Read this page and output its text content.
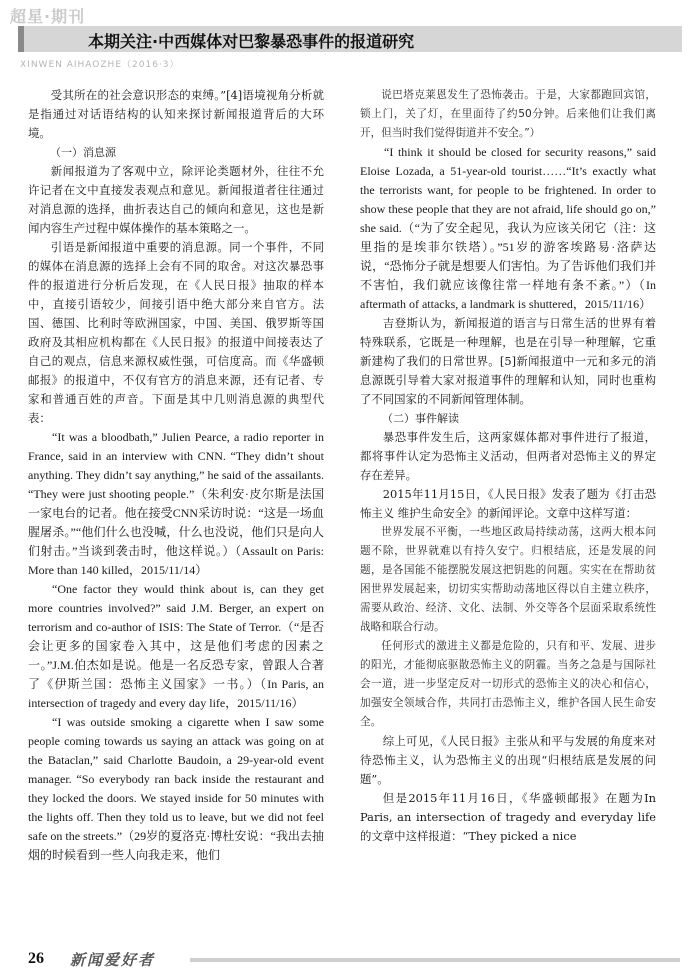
超星·期刊
本期关注·中西媒体对巴黎暴恐事件的报道研究
XINWEN AIHAOZHE（2016·3）

受其所在的社会意识形态的束缚。”[4]语境视角分析就是指通过对话语结构的认知来探讨新闻报道背后的大环境。

（一）消息源

新闻报道为了客观中立，除评论类题材外，往往不允许记者在文中直接发表观点和意见。新闻报道者往往通过对消息源的选择，曲折表达自己的倾向和意见，这也是新闻内容生产过程中媒体操作的基本策略之一。

引语是新闻报道中重要的消息源。同一个事件，不同的媒体在消息源的选择上会有不同的取舍。对这次暴恐事件的报道进行分析后发现，在《人民日报》抽取的样本中，直接引语较少，间接引语中绝大部分来自官方。法国、德国、比利时等欧洲国家，中国、美国、俄罗斯等国政府及其相应机构都在《人民日报》的报道中间接表达了自己的观点，信息来源权威性强，可信度高。而《华盛顿邮报》的报道中，不仅有官方的消息来源，还有记者、专家和普通百姓的声音。下面是其中几则消息源的典型代表：

“It was a bloodbath,” Julien Pearce, a radio reporter in France, said in an interview with CNN. “They didn’t shout anything. They didn’t say anything,” he said of the assailants. “They were just shooting people.”（朱利安·皮尔斯是法国一家电台的记者。他在接受CNN采访时说：“这是一场血腥屠杀。”“他们什么也没喊，什么也没说，他们只是向人们射击。”当谈到袭击时，他这样说。）（Assault on Paris: More than 140 killed，2015/11/14）

“One factor they would think about is, can they get more countries involved?” said J.M. Berger, an expert on terrorism and co-author of ISIS: The State of Terror.（“是否会让更多的国家卷入其中，这是他们考虑的因素之一。”J.M.伯杰如是说。他是一名反恐专家，曾跟人合著了《伊斯兰国：恐怖主义国家》一书。）（In Paris, an intersection of tragedy and every day life，2015/11/16）

“I was outside smoking a cigarette when I saw some people coming towards us saying an attack was going on at the Bataclan,” said Charlotte Baudoin, a 29-year-old event manager. “So everybody ran back inside the restaurant and they locked the doors. We stayed inside for 50 minutes with the lights off. Then they told us to leave, but we did not feel safe on the streets.”（29岁的夏洛克·博杜安说：“我出去抽烟的时候看到一些人向我走来，他们

说巴塔克莱恩发生了恐怖袭击。于是，大家都跑回宾馆，锁上门，关了灯，在里面待了约50分钟。后来他们让我们离开，但当时我们觉得街道并不安全。”）

“I think it should be closed for security reasons,” said Eloise Lozada, a 51-year-old tourist……“It’s exactly what the terrorists want, for people to be frightened. In order to show these people that they are not afraid, life should go on,” she said.（“为了安全起见，我认为应该关闭它（注：这里指的是埃菲尔铁塔）。”51岁的游客埃路易·洛萨达说，“恐怖分子就是想要人们害怕。为了告诉他们我们并不害怕，我们就应该像往常一样地有条不紊。”）（In aftermath of attacks, a landmark is shuttered，2015/11/16）

吉登斯认为，新闻报道的语言与日常生活的世界有着特殊联系，它既是一种理解，也是在引导一种理解，它重新建构了我们的日常世界。[5]新闻报道中一元和多元的消息源既引导着大家对报道事件的理解和认知，同时也重构了不同国家的不同新闻管理体制。

（二）事件解读

暴恐事件发生后，这两家媒体都对事件进行了报道，都将事件认定为恐怖主义活动，但两者对恐怖主义的界定存在差异。

2015年11月15日，《人民日报》发表了题为《打击恐怖主义 维护生命安全》的新闻评论。文章中这样写道：

世界发展不平衡，一些地区政局持续动荡，这两大根本问题不除，世界就难以有持久安宁。归根结底，还是发展的问题，是各国能不能摆脱发展这把钥匙的问题。实实在在帮助贫困世界发展起来，切切实实帮助动荡地区得以自主建立秩序，需要从政治、经济、文化、法制、外交等各个层面采取系统性战略和联合行动。

任何形式的激进主义都是危险的，只有和平、发展、进步的阳光，才能彻底驱散恐怖主义的阴霾。当务之急是与国际社会一道，进一步坚定反对一切形式的恐怖主义的决心和信心，加强安全领域合作，共同打击恐怖主义，维护各国人民生命安全。

综上可见，《人民日报》主张从和平与发展的角度来对待恐怖主义，认为恐怖主义的出现“归根结底是发展的问题”。

但是2015年11月16日，《华盛顿邮报》在题为In Paris, an intersection of tragedy and everyday life的文章中这样报道：“They picked a nice

26 新闻爱好者
